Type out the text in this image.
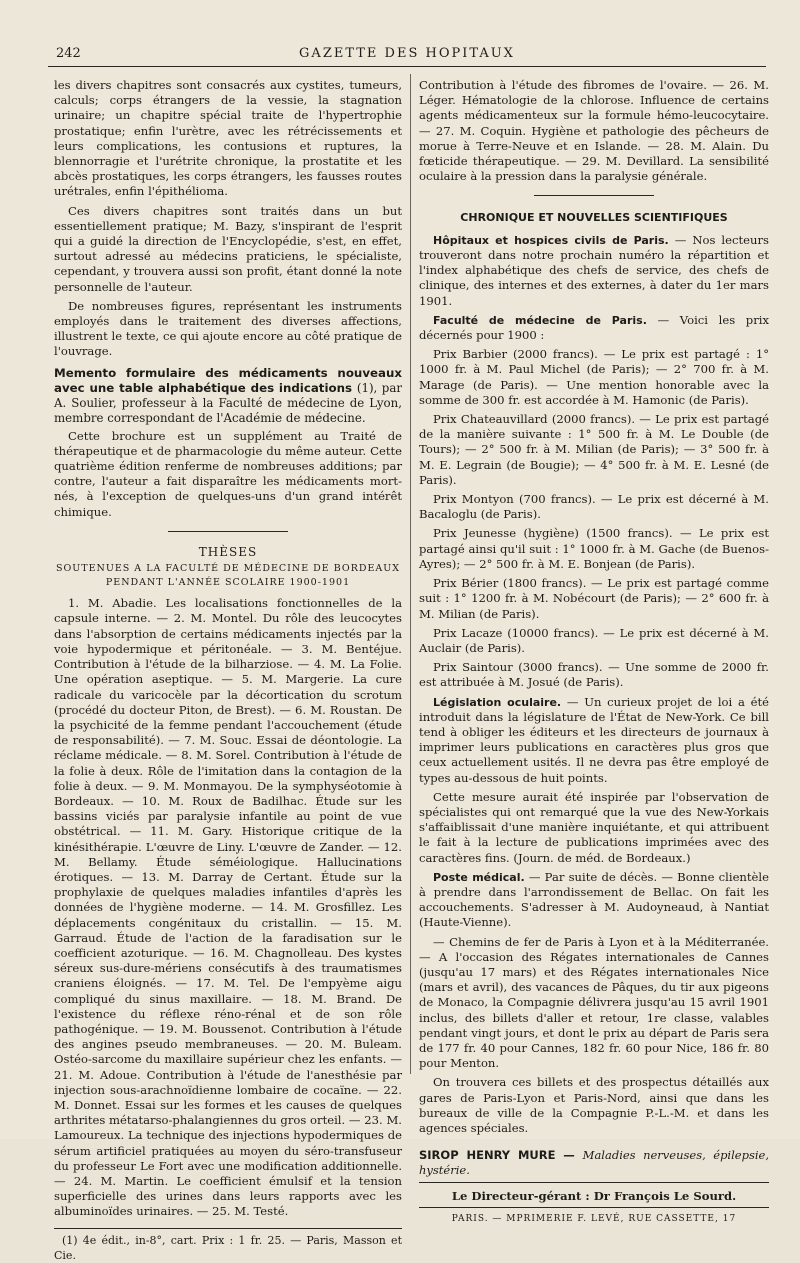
242	GAZETTE DES HOPITAUX

les divers chapitres sont consacrés aux cystites, tumeurs, calculs; corps étrangers de la vessie, la stagnation urinaire; un chapitre spécial traite de l'hypertrophie prostatique; enfin l'urètre, avec les rétrécissements et leurs complications, les contusions et ruptures, la blennorragie et l'urétrite chronique, la prostatite et les abcès prostatiques, les corps étrangers, les fausses routes urétrales, enfin l'épithélioma.

Ces divers chapitres sont traités dans un but essentiellement pratique; M. Bazy, s'inspirant de l'esprit qui a guidé la direction de l'Encyclopédie, s'est, en effet, surtout adressé au médecins praticiens, le spécialiste, cependant, y trouvera aussi son profit, étant donné la note personnelle de l'auteur.

De nombreuses figures, représentant les instruments employés dans le traitement des diverses affections, illustrent le texte, ce qui ajoute encore au côté pratique de l'ouvrage.

Memento formulaire des médicaments nouveaux avec une table alphabétique des indications (1), par A. Soulier, professeur à la Faculté de médecine de Lyon, membre correspondant de l'Académie de médecine.

Cette brochure est un supplément au Traité de thérapeutique et de pharmacologie du même auteur. Cette quatrième édition renferme de nombreuses additions; par contre, l'auteur a fait disparaître les médicaments mort-nés, à l'exception de quelques-uns d'un grand intérêt chimique.

THÈSES
SOUTENUES A LA FACULTÉ DE MÉDECINE DE BORDEAUX
PENDANT L'ANNÉE SCOLAIRE 1900-1901

1. M. Abadie. Les localisations fonctionnelles de la capsule interne. — 2. M. Montel. Du rôle des leucocytes dans l'absorption de certains médicaments injectés par la voie hypodermique et péritonéale. — 3. M. Bentéjue. Contribution à l'étude de la bilharziose. — 4. M. La Folie. Une opération aseptique. — 5. M. Margerie. La cure radicale du varicocèle par la décortication du scrotum (procédé du docteur Piton, de Brest). — 6. M. Roustan. De la psychicité de la femme pendant l'accouchement (étude de responsabilité). — 7. M. Souc. Essai de déontologie. La réclame médicale. — 8. M. Sorel. Contribution à l'étude de la folie à deux. Rôle de l'imitation dans la contagion de la folie à deux. — 9. M. Monmayou. De la symphyséotomie à Bordeaux. — 10. M. Roux de Badilhac. Étude sur les bassins viciés par paralysie infantile au point de vue obstétrical. — 11. M. Gary. Historique critique de la kinésithérapie. L'œuvre de Liny. L'œuvre de Zander. — 12. M. Bellamy. Étude séméiologique. Hallucinations érotiques. — 13. M. Darray de Certant. Étude sur la prophylaxie de quelques maladies infantiles d'après les données de l'hygiène moderne. — 14. M. Grosfillez. Les déplacements congénitaux du cristallin. — 15. M. Garraud. Étude de l'action de la faradisation sur le coefficient azoturique. — 16. M. Chagnolleau. Des kystes séreux sus-dure-mériens consécutifs à des traumatismes craniens éloignés. — 17. M. Tel. De l'empyème aigu compliqué du sinus maxillaire. — 18. M. Brand. De l'existence du réflexe réno-rénal et de son rôle pathogénique. — 19. M. Boussenot. Contribution à l'étude des angines pseudo membraneuses. — 20. M. Buleam. Ostéo-sarcome du maxillaire supérieur chez les enfants. — 21. M. Adoue. Contribution à l'étude de l'anesthésie par injection sous-arachnoïdienne lombaire de cocaïne. — 22. M. Donnet. Essai sur les formes et les causes de quelques arthrites métatarso-phalangiennes du gros orteil. — 23. M. Lamoureux. La technique des injections hypodermiques de sérum artificiel pratiquées au moyen du séro-transfuseur du professeur Le Fort avec une modification additionnelle. — 24. M. Martin. Le coefficient émulsif et la tension superficielle des urines dans leurs rapports avec les albuminoïdes urinaires. — 25. M. Testé.

(1) 4e édit., in-8°, cart. Prix : 1 fr. 25. — Paris, Masson et Cie.

Contribution à l'étude des fibromes de l'ovaire. — 26. M. Léger. Hématologie de la chlorose. Influence de certains agents médicamenteux sur la formule hémo-leucocytaire. — 27. M. Coquin. Hygiène et pathologie des pêcheurs de morue à Terre-Neuve et en Islande. — 28. M. Alain. Du fœticide thérapeutique. — 29. M. Devillard. La sensibilité oculaire à la pression dans la paralysie générale.

CHRONIQUE ET NOUVELLES SCIENTIFIQUES

Hôpitaux et hospices civils de Paris. — Nos lecteurs trouveront dans notre prochain numéro la répartition et l'index alphabétique des chefs de service, des chefs de clinique, des internes et des externes, à dater du 1er mars 1901.

Faculté de médecine de Paris. — Voici les prix décernés pour 1900 :

Prix Barbier (2000 francs). — Le prix est partagé : 1° 1000 fr. à M. Paul Michel (de Paris); — 2° 700 fr. à M. Marage (de Paris). — Une mention honorable avec la somme de 300 fr. est accordée à M. Hamonic (de Paris).

Prix Chateauvillard (2000 francs). — Le prix est partagé de la manière suivante : 1° 500 fr. à M. Le Double (de Tours); — 2° 500 fr. à M. Milian (de Paris); — 3° 500 fr. à M. E. Legrain (de Bougie); — 4° 500 fr. à M. E. Lesné (de Paris).

Prix Montyon (700 francs). — Le prix est décerné à M. Bacaloglu (de Paris).

Prix Jeunesse (hygiène) (1500 francs). — Le prix est partagé ainsi qu'il suit : 1° 1000 fr. à M. Gache (de Buenos-Ayres); — 2° 500 fr. à M. E. Bonjean (de Paris).

Prix Bérier (1800 francs). — Le prix est partagé comme suit : 1° 1200 fr. à M. Nobécourt (de Paris); — 2° 600 fr. à M. Milian (de Paris).

Prix Lacaze (10000 francs). — Le prix est décerné à M. Auclair (de Paris).

Prix Saintour (3000 francs). — Une somme de 2000 fr. est attribuée à M. Josué (de Paris).

Législation oculaire. — Un curieux projet de loi a été introduit dans la législature de l'État de New-York. Ce bill tend à obliger les éditeurs et les directeurs de journaux à imprimer leurs publications en caractères plus gros que ceux actuellement usités. Il ne devra pas être employé de types au-dessous de huit points.

Cette mesure aurait été inspirée par l'observation de spécialistes qui ont remarqué que la vue des New-Yorkais s'affaiblissait d'une manière inquiétante, et qui attribuent le fait à la lecture de publications imprimées avec des caractères fins. (Journ. de méd. de Bordeaux.)

Poste médical. — Par suite de décès. — Bonne clientèle à prendre dans l'arrondissement de Bellac. On fait les accouchements. S'adresser à M. Audoyneaud, à Nantiat (Haute-Vienne).

— Chemins de fer de Paris à Lyon et à la Méditerranée. — A l'occasion des Régates internationales de Cannes (jusqu'au 17 mars) et des Régates internationales Nice (mars et avril), des vacances de Pâques, du tir aux pigeons de Monaco, la Compagnie délivrera jusqu'au 15 avril 1901 inclus, des billets d'aller et retour, 1re classe, valables pendant vingt jours, et dont le prix au départ de Paris sera de 177 fr. 40 pour Cannes, 182 fr. 60 pour Nice, 186 fr. 80 pour Menton.

On trouvera ces billets et des prospectus détaillés aux gares de Paris-Lyon et Paris-Nord, ainsi que dans les bureaux de ville de la Compagnie P.-L.-M. et dans les agences spéciales.

SIROP HENRY MURE — Maladies nerveuses, épilepsie, hystérie.
Le Directeur-gérant : Dr François Le Sourd.
PARIS. — MPRIMERIE F. LEVÉ, RUE CASSETTE, 17
